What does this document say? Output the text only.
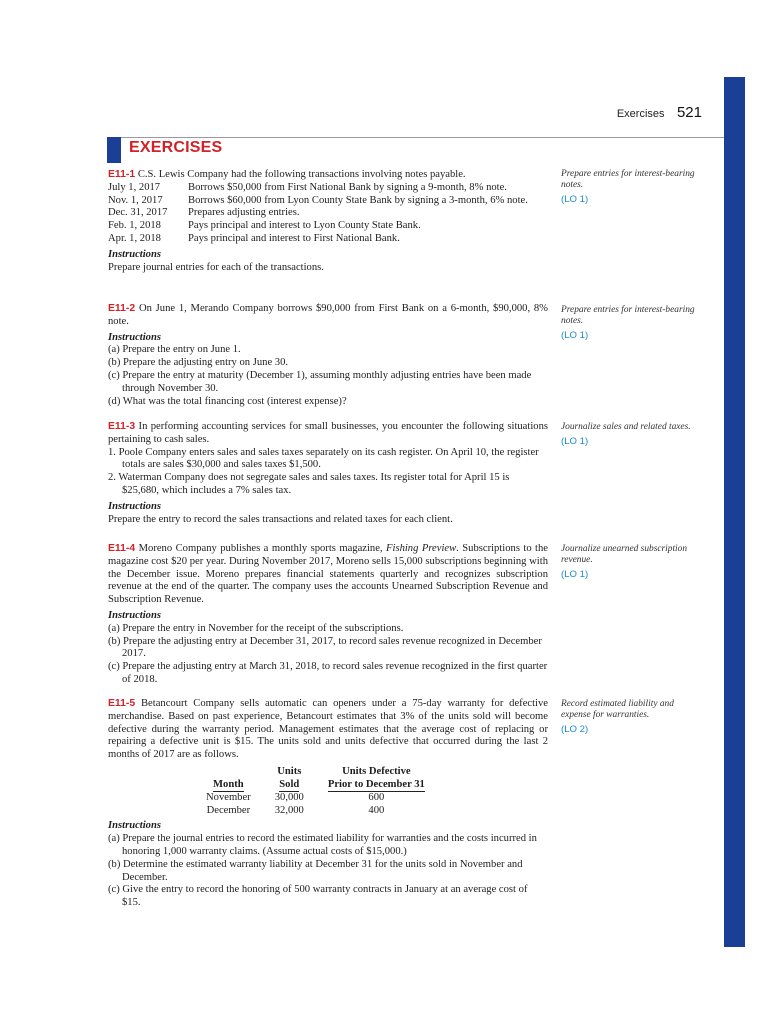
Exercises 521
EXERCISES
E11-1 C.S. Lewis Company had the following transactions involving notes payable.
July 1, 2017	Borrows $50,000 from First National Bank by signing a 9-month, 8% note.
Nov. 1, 2017	Borrows $60,000 from Lyon County State Bank by signing a 3-month, 6% note.
Dec. 31, 2017	Prepares adjusting entries.
Feb. 1, 2018	Pays principal and interest to Lyon County State Bank.
Apr. 1, 2018	Pays principal and interest to First National Bank.
Instructions
Prepare journal entries for each of the transactions.
Prepare entries for interest-bearing notes.
(LO 1)
E11-2 On June 1, Merando Company borrows $90,000 from First Bank on a 6-month, $90,000, 8% note.
Instructions
(a) Prepare the entry on June 1.
(b) Prepare the adjusting entry on June 30.
(c) Prepare the entry at maturity (December 1), assuming monthly adjusting entries have been made through November 30.
(d) What was the total financing cost (interest expense)?
Prepare entries for interest-bearing notes.
(LO 1)
E11-3 In performing accounting services for small businesses, you encounter the following situations pertaining to cash sales.
1. Poole Company enters sales and sales taxes separately on its cash register. On April 10, the register totals are sales $30,000 and sales taxes $1,500.
2. Waterman Company does not segregate sales and sales taxes. Its register total for April 15 is $25,680, which includes a 7% sales tax.
Instructions
Prepare the entry to record the sales transactions and related taxes for each client.
Journalize sales and related taxes.
(LO 1)
E11-4 Moreno Company publishes a monthly sports magazine, Fishing Preview. Subscriptions to the magazine cost $20 per year. During November 2017, Moreno sells 15,000 subscriptions beginning with the December issue. Moreno prepares financial statements quarterly and recognizes subscription revenue at the end of the quarter. The company uses the accounts Unearned Subscription Revenue and Subscription Revenue.
Instructions
(a) Prepare the entry in November for the receipt of the subscriptions.
(b) Prepare the adjusting entry at December 31, 2017, to record sales revenue recognized in December 2017.
(c) Prepare the adjusting entry at March 31, 2018, to record sales revenue recognized in the first quarter of 2018.
Journalize unearned subscription revenue.
(LO 1)
E11-5 Betancourt Company sells automatic can openers under a 75-day warranty for defective merchandise. Based on past experience, Betancourt estimates that 3% of the units sold will become defective during the warranty period. Management estimates that the average cost of replacing or repairing a defective unit is $15. The units sold and units defective that occurred during the last 2 months of 2017 are as follows.
	Units	Units Defective
Month	Sold	Prior to December 31
November	30,000	600
December	32,000	400
Instructions
(a) Prepare the journal entries to record the estimated liability for warranties and the costs incurred in honoring 1,000 warranty claims. (Assume actual costs of $15,000.)
(b) Determine the estimated warranty liability at December 31 for the units sold in November and December.
(c) Give the entry to record the honoring of 500 warranty contracts in January at an average cost of $15.
Record estimated liability and expense for warranties.
(LO 2)
